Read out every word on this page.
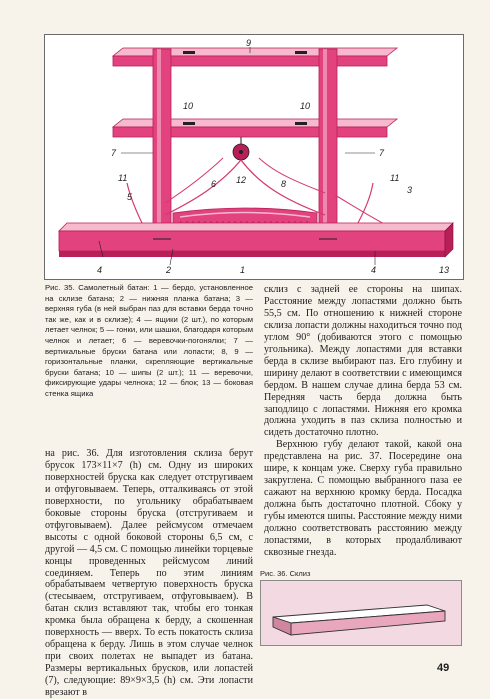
9
10	10
7	7
11	11
6 12	8
5
3
4	2	1	4	13
Рис. 35. Самолетный батан: 1 — бердо, установленное на склизе батана; 2 — нижняя планка батана; 3 — верхняя губа (в ней выбран паз для вставки берда точно так же, как и в склизе); 4 — ящики (2 шт.), по которым летает челнок; 5 — гонки, или шашки, благодаря которым челнок и летает; 6 — веревочки-погонялки; 7 — вертикальные бруски батана или лопасти; 8, 9 — горизонтальные планки, скрепляющие вертикальные бруски батана; 10 — шипы (2 шт.); 11 — веревочки, фиксирующие удары челнока; 12 — блок; 13 — боковая стенка ящика

на рис. 36. Для изготовления склиза берут брусок 173×11×7 (h) см. Одну из широких поверхностей бруска как следует отстругиваем и отфуговываем. Теперь, отталкиваясь от этой поверхности, по угольнику обрабатываем боковые стороны бруска (отстругиваем и отфуговываем). Далее рейсмусом отмечаем высоты с одной боковой стороны 6,5 см, с другой — 4,5 см. С помощью линейки торцевые концы проведенных рейсмусом линий соединяем. Теперь по этим линиям обрабатываем четвертую поверхность бруска (стесываем, отстругиваем, отфуговываем). В батан склиз вставляют так, чтобы его тонкая кромка была обращена к берду, а скошенная поверхность — вверх. То есть покатость склиза обращена к берду. Лишь в этом случае челнок при своих полетах не выпадет из батана. Размеры вертикальных брусков, или лопастей (7), следующие: 89×9×3,5 (h) см. Эти лопасти врезают в

склиз с задней ее стороны на шипах. Расстояние между лопастями должно быть 55,5 см. По отношению к нижней стороне склиза лопасти должны находиться точно под углом 90° (добиваются этого с помощью угольника). Между лопастями для вставки берда в склизе выбирают паз. Его глубину и ширину делают в соответствии с имеющимся бердом. В нашем случае длина берда 53 см. Передняя часть берда должна быть заподлицо с лопастями. Нижняя его кромка должна уходить в паз склиза полностью и сидеть достаточно плотно.

Верхнюю губу делают такой, какой она представлена на рис. 37. Посередине она шире, к концам уже. Сверху губа правильно закруглена. С помощью выбранного паза ее сажают на верхнюю кромку берда. Посадка должна быть достаточно плотной. Сбоку у губы имеются шипы. Расстояние между ними должно соответствовать расстоянию между лопастями, в которых продалбливают сквозные гнезда.

Рис. 36. Склиз
49
